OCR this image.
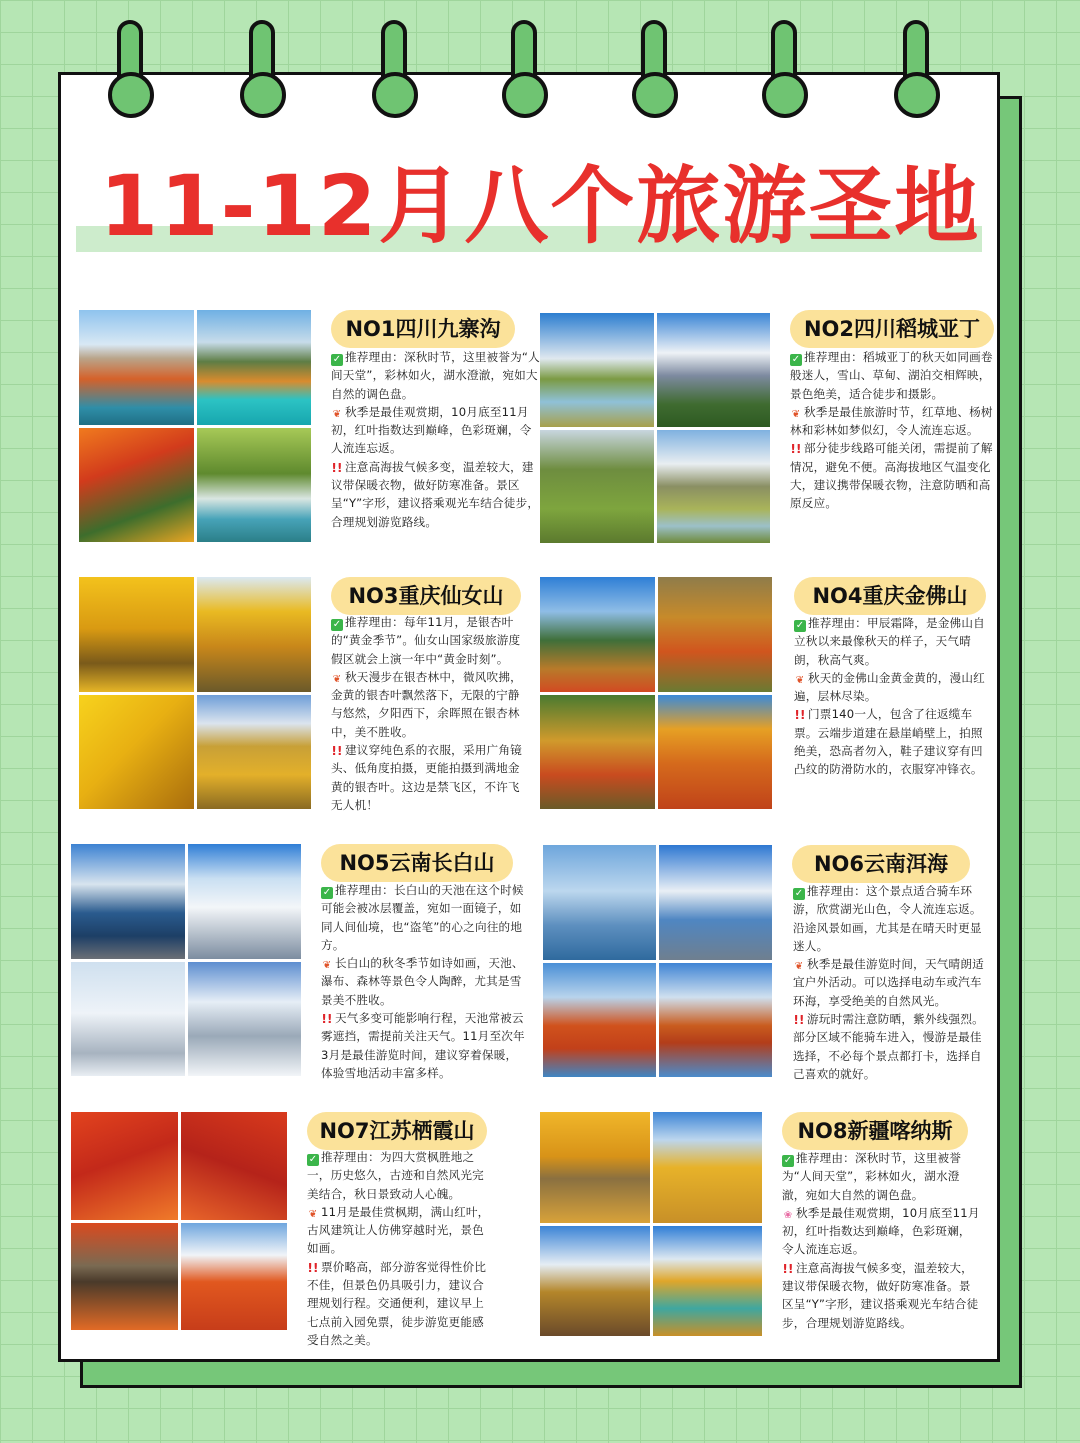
11-12月八个旅游圣地
NO1四川九寨沟

✓ 推荐理由：深秋时节，这里被誉为“人间天堂”，彩林如火，湖水澄澈，宛如大自然的调色盘。

❦ 秋季是最佳观赏期，10月底至11月初，红叶指数达到巅峰，色彩斑斓，令人流连忘返。

!! 注意高海拔气候多变，温差较大，建议带保暖衣物，做好防寒准备。景区呈“Y”字形，建议搭乘观光车结合徒步，合理规划游览路线。

NO2四川稻城亚丁

✓ 推荐理由：稻城亚丁的秋天如同画卷般迷人，雪山、草甸、湖泊交相辉映，景色绝美，适合徒步和摄影。

❦ 秋季是最佳旅游时节，红草地、杨树林和彩林如梦似幻，令人流连忘返。

!! 部分徒步线路可能关闭，需提前了解情况，避免不便。高海拔地区气温变化大，建议携带保暖衣物，注意防晒和高原反应。

NO3重庆仙女山

✓ 推荐理由：每年11月，是银杏叶的“黄金季节”。仙女山国家级旅游度假区就会上演一年中“黄金时刻”。

❦ 秋天漫步在银杏林中，微风吹拂，金黄的银杏叶飘然落下，无限的宁静与悠然，夕阳西下，余晖照在银杏林中，美不胜收。

!! 建议穿纯色系的衣服，采用广角镜头、低角度拍摄，更能拍摄到满地金黄的银杏叶。这边是禁飞区，不许飞无人机！

NO4重庆金佛山

✓ 推荐理由：甲辰霜降，是金佛山自立秋以来最像秋天的样子，天气晴朗，秋高气爽。

❦ 秋天的金佛山金黄金黄的，漫山红遍，层林尽染。

!! 门票140一人，包含了往返缆车票。云端步道建在悬崖峭壁上，拍照绝美，恐高者勿入，鞋子建议穿有凹凸纹的防滑防水的，衣服穿冲锋衣。

NO5云南长白山

✓ 推荐理由：长白山的天池在这个时候可能会被冰层覆盖，宛如一面镜子，如同人间仙境，也“盗笔”的心之向往的地方。

❦ 长白山的秋冬季节如诗如画，天池、瀑布、森林等景色令人陶醉，尤其是雪景美不胜收。

!! 天气多变可能影响行程，天池常被云雾遮挡，需提前关注天气。11月至次年3月是最佳游览时间，建议穿着保暖，体验雪地活动丰富多样。

NO6云南洱海

✓ 推荐理由：这个景点适合骑车环游，欣赏湖光山色，令人流连忘返。沿途风景如画，尤其是在晴天时更显迷人。

❦ 秋季是最佳游览时间，天气晴朗适宜户外活动。可以选择电动车或汽车环海，享受绝美的自然风光。

!! 游玩时需注意防晒，紫外线强烈。部分区域不能骑车进入，慢游是最佳选择，不必每个景点都打卡，选择自己喜欢的就好。

NO7江苏栖霞山

✓ 推荐理由：为四大赏枫胜地之一，历史悠久，古迹和自然风光完美结合，秋日景致动人心魄。

❦ 11月是最佳赏枫期，满山红叶，古风建筑让人仿佛穿越时光，景色如画。

!! 票价略高，部分游客觉得性价比不佳，但景色仍具吸引力，建议合理规划行程。交通便利，建议早上七点前入园免票，徒步游览更能感受自然之美。

NO8新疆喀纳斯

✓ 推荐理由：深秋时节，这里被誉为“人间天堂”，彩林如火，湖水澄澈，宛如大自然的调色盘。

❀ 秋季是最佳观赏期，10月底至11月初，红叶指数达到巅峰，色彩斑斓，令人流连忘返。

!! 注意高海拔气候多变，温差较大，建议带保暖衣物，做好防寒准备。景区呈“Y”字形，建议搭乘观光车结合徒步，合理规划游览路线。
